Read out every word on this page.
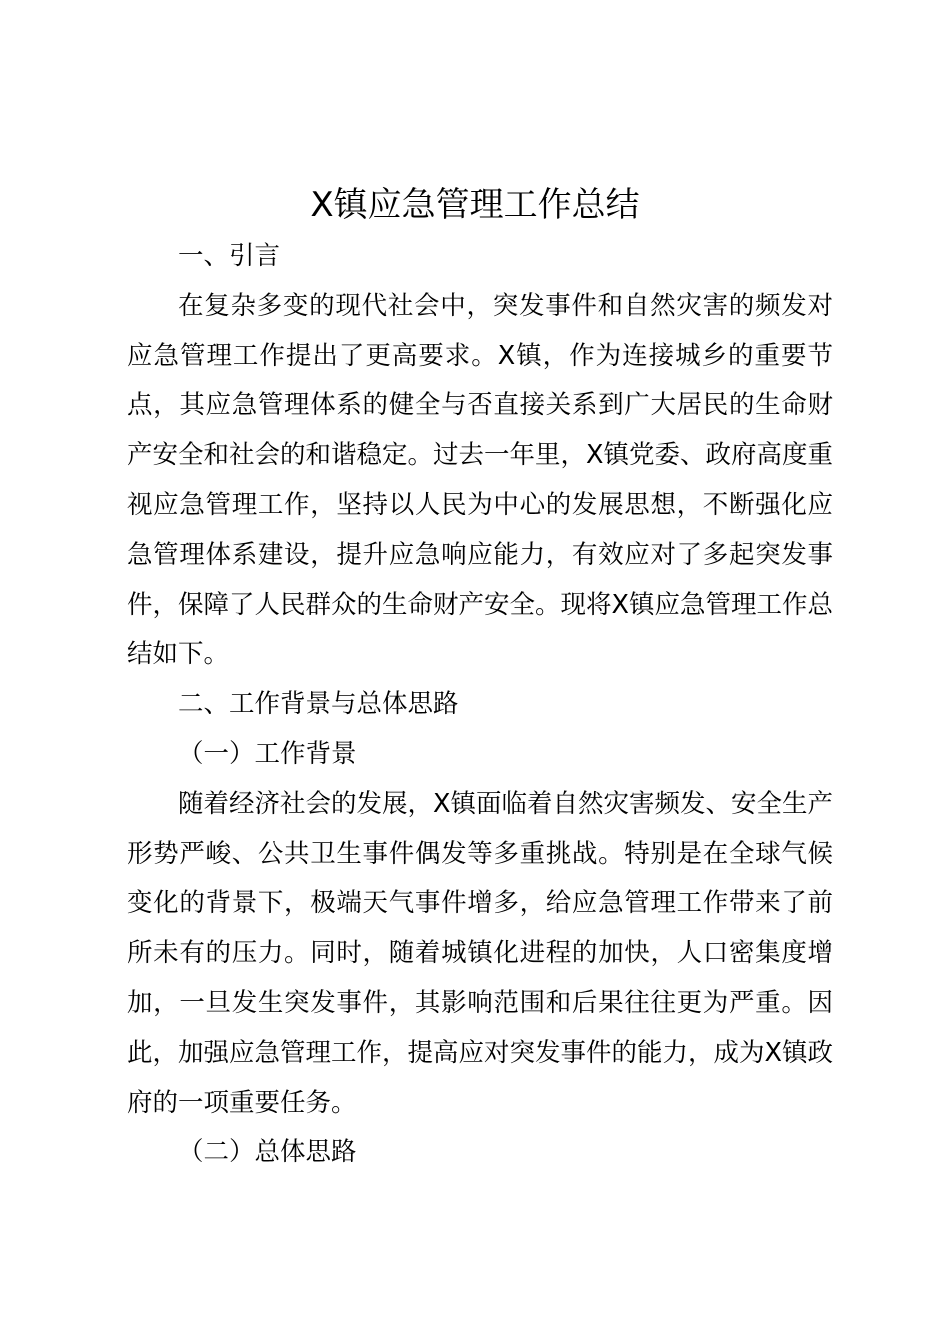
X镇应急管理工作总结

一、引言

在复杂多变的现代社会中，突发事件和自然灾害的频发对应急管理工作提出了更高要求。X镇，作为连接城乡的重要节点，其应急管理体系的健全与否直接关系到广大居民的生命财产安全和社会的和谐稳定。过去一年里，X镇党委、政府高度重视应急管理工作，坚持以人民为中心的发展思想，不断强化应急管理体系建设，提升应急响应能力，有效应对了多起突发事件，保障了人民群众的生命财产安全。现将X镇应急管理工作总结如下。

二、工作背景与总体思路

（一）工作背景

随着经济社会的发展，X镇面临着自然灾害频发、安全生产形势严峻、公共卫生事件偶发等多重挑战。特别是在全球气候变化的背景下，极端天气事件增多，给应急管理工作带来了前所未有的压力。同时，随着城镇化进程的加快，人口密集度增加，一旦发生突发事件，其影响范围和后果往往更为严重。因此，加强应急管理工作，提高应对突发事件的能力，成为X镇政府的一项重要任务。

（二）总体思路
